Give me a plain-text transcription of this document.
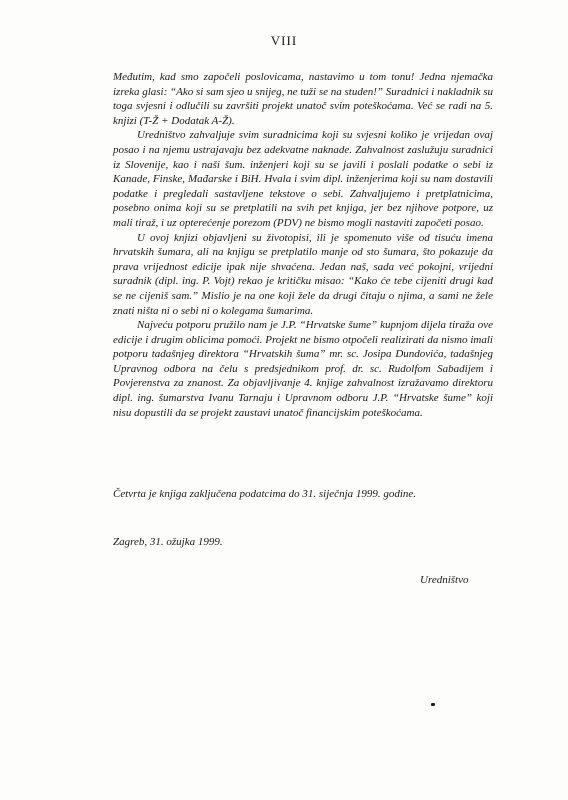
VIII

Međutim, kad smo započeli poslovicama, nastavimo u tom tonu! Jedna njemačka izreka glasi: “Ako si sam sjeo u snijeg, ne tuži se na studen!” Suradnici i nakladnik su toga svjesni i odlučili su završiti projekt unatoč svim poteškoćama. Već se radi na 5. knjizi (T-Ž + Dodatak A-Ž).

Uredništvo zahvaljuje svim suradnicima koji su svjesni koliko je vrijedan ovaj posao i na njemu ustrajavaju bez adekvatne naknade. Zahvalnost zaslužuju suradnici iz Slovenije, kao i naši šum. inženjeri koji su se javili i poslali podatke o sebi iz Kanade, Finske, Mađarske i BiH. Hvala i svim dipl. inženjerima koji su nam dostavili podatke i pregledali sastavljene tekstove o sebi. Zahvaljujemo i pretplatnicima, posebno onima koji su se pretplatili na svih pet knjiga, jer bez njihove potpore, uz mali tiraž, i uz opterećenje porezom (PDV) ne bismo mogli nastaviti započeti posao.

U ovoj knjizi objavljeni su životopisi, ili je spomenuto više od tisuću imena hrvatskih šumara, ali na knjigu se pretplatilo manje od sto šumara, što pokazuje da prava vrijednost edicije ipak nije shvaćena. Jedan naš, sada već pokojni, vrijedni suradnik (dipl. ing. P. Vojt) rekao je kritičku misao: “Kako će tebe cijeniti drugi kad se ne cijeniš sam.” Mislio je na one koji žele da drugi čitaju o njima, a sami ne žele znati ništa ni o sebi ni o kolegama šumarima.

Najveću potporu pružilo nam je J.P. “Hrvatske šume” kupnjom dijela tiraža ove edicije i drugim oblicima pomoći. Projekt ne bismo otpočeli realizirati da nismo imali potporu tadašnjeg direktora “Hrvatskih šuma” mr. sc. Josipa Dundovića, tadašnjeg Upravnog odbora na čelu s predsjednikom prof. dr. sc. Rudolfom Sabadijem i Povjerenstva za znanost. Za objavljivanje 4. knjige zahvalnost izražavamo direktoru dipl. ing. šumarstva Ivanu Tarnaju i Upravnom odboru J.P. “Hrvatske šume” koji nisu dopustili da se projekt zaustavi unatoč financijskim poteškoćama.

Četvrta je knjiga zaključena podatcima do 31. siječnja 1999. godine.
Zagreb, 31. ožujka 1999.
Uredništvo
